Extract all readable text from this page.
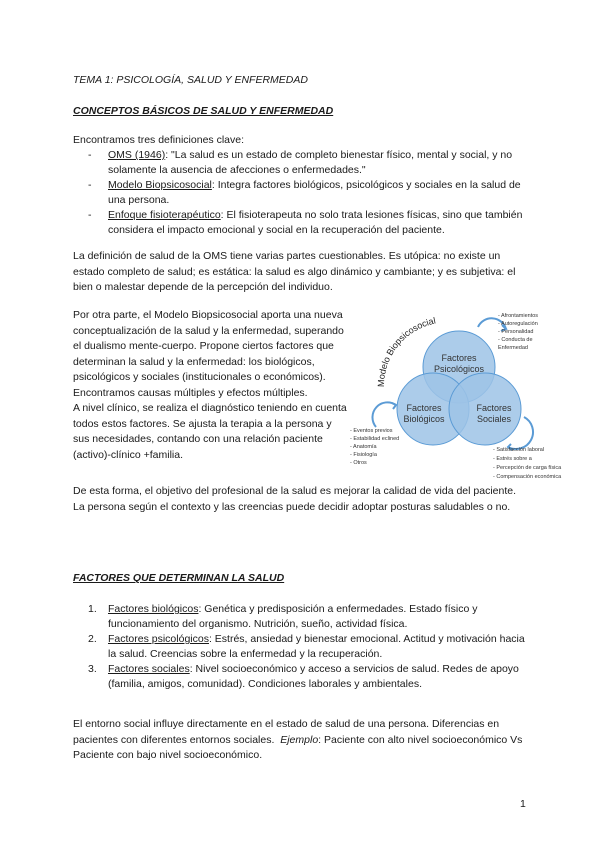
TEMA 1: PSICOLOGÍA, SALUD Y ENFERMEDAD
CONCEPTOS BÁSICOS DE SALUD Y ENFERMEDAD
Encontramos tres definiciones clave:
- OMS (1946): "La salud es un estado de completo bienestar físico, mental y social, y no solamente la ausencia de afecciones o enfermedades."
- Modelo Biopsicosocial: Integra factores biológicos, psicológicos y sociales en la salud de una persona.
- Enfoque fisioterapéutico: El fisioterapeuta no solo trata lesiones físicas, sino que también considera el impacto emocional y social en la recuperación del paciente.
La definición de salud de la OMS tiene varias partes cuestionables. Es utópica: no existe un estado completo de salud; es estática: la salud es algo dinámico y cambiante; y es subjetiva: el bien o malestar depende de la percepción del individuo.

Por otra parte, el Modelo Biopsicosocial aporta una nueva conceptualización de la salud y la enfermedad, superando el dualismo mente-cuerpo. Propone ciertos factores que determinan la salud y la enfermedad: los biológicos, psicológicos y sociales (institucionales o económicos). Encontramos causas múltiples y efectos múltiples.

A nivel clínico, se realiza el diagnóstico teniendo en cuenta todos estos factores. Se ajusta la terapia a la persona y sus necesidades, contando con una relación paciente (activo)-clínico +familia.

Modelo Biopsicosocial
Factores
Psicológicos
Factores
Biológicos
Factores
Sociales
- Afrontamientos
- Autoregulación
- Personalidad
- Conducta de
Enfermedad
- Eventos previos
- Estabilidad eclined
- Anatomía
- Fisiología
- Otros
- Satisfacción laboral
- Estrés sobre a
- Percepción de carga física
- Compensación económica
De esta forma, el objetivo del profesional de la salud es mejorar la calidad de vida del paciente. La persona según el contexto y las creencias puede decidir adoptar posturas saludables o no.
FACTORES QUE DETERMINAN LA SALUD
1. Factores biológicos: Genética y predisposición a enfermedades. Estado físico y funcionamiento del organismo. Nutrición, sueño, actividad física.
2. Factores psicológicos: Estrés, ansiedad y bienestar emocional. Actitud y motivación hacia la salud. Creencias sobre la enfermedad y la recuperación.
3. Factores sociales: Nivel socioeconómico y acceso a servicios de salud. Redes de apoyo (familia, amigos, comunidad). Condiciones laborales y ambientales.
El entorno social influye directamente en el estado de salud de una persona. Diferencias en pacientes con diferentes entornos sociales. Ejemplo: Paciente con alto nivel socioeconómico Vs Paciente con bajo nivel socioeconómico.
1
